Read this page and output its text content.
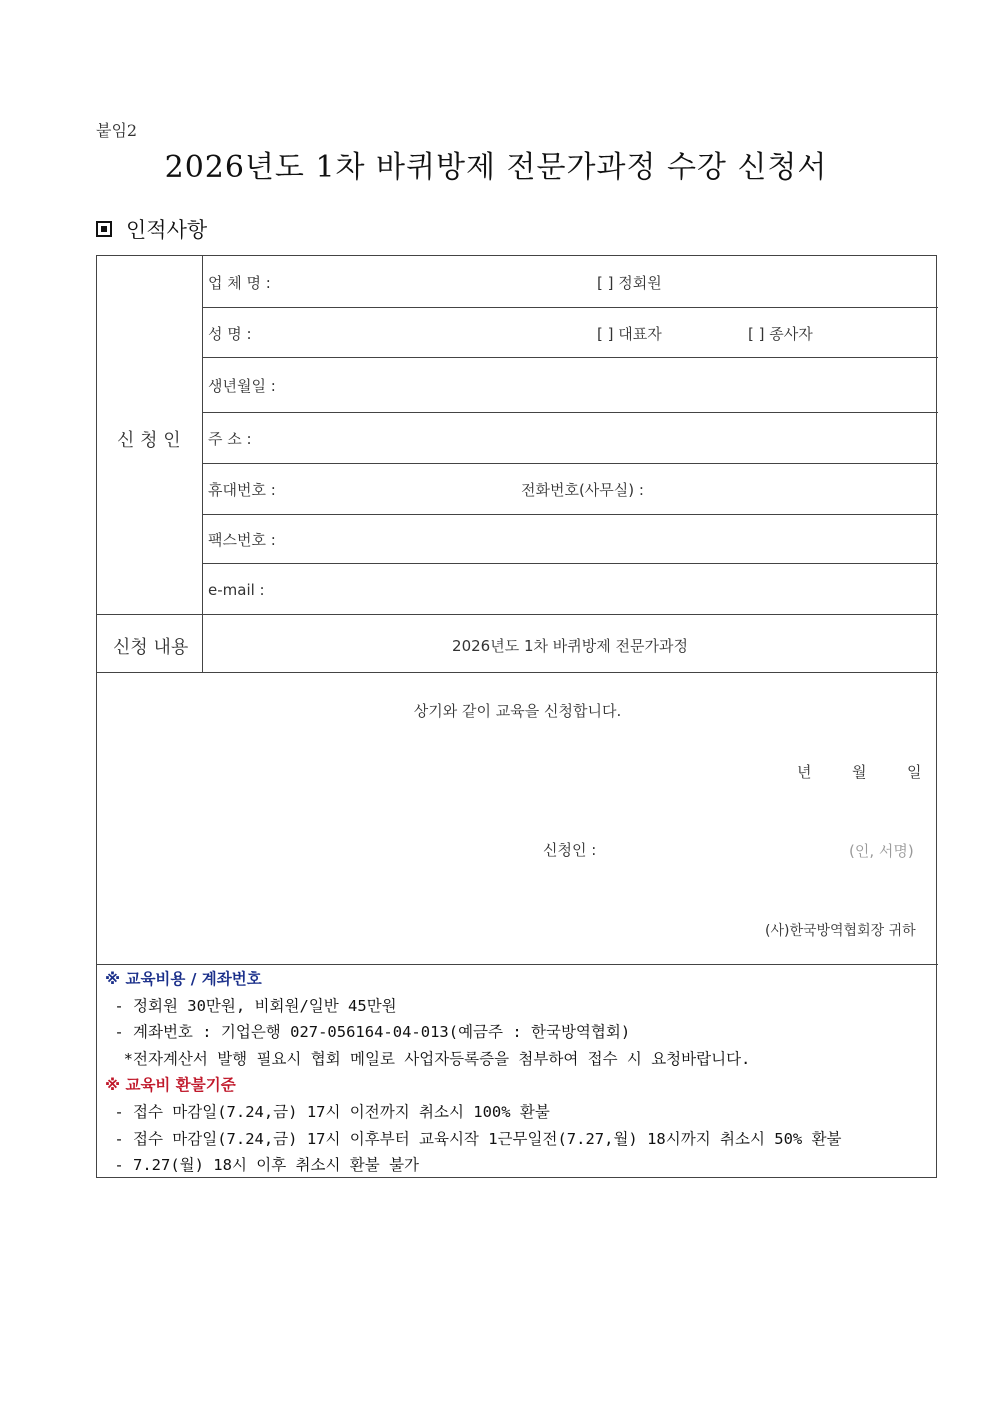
붙임2
2026년도 1차 바퀴방제 전문가과정 수강 신청서
인적사항
신 청 인
업 체 명 :	[ ] 정회원
성 명 :	[ ] 대표자	[ ] 종사자
생년월일 :
주 소 :
휴대번호 :	전화번호(사무실) :
팩스번호 :
e-mail :
신청 내용	2026년도 1차 바퀴방제 전문가과정
상기와 같이 교육을 신청합니다.
년	월	일
신청인 :	(인, 서명)
(사)한국방역협회장 귀하
※ 교육비용 / 계좌번호
- 정회원 30만원, 비회원/일반 45만원
- 계좌번호 : 기업은행 027-056164-04-013(예금주 : 한국방역협회)
*전자계산서 발행 필요시 협회 메일로 사업자등록증을 첨부하여 접수 시 요청바랍니다.
※ 교육비 환불기준
- 접수 마감일(7.24,금) 17시 이전까지 취소시 100% 환불
- 접수 마감일(7.24,금) 17시 이후부터 교육시작 1근무일전(7.27,월) 18시까지 취소시 50% 환불
- 7.27(월) 18시 이후 취소시 환불 불가
